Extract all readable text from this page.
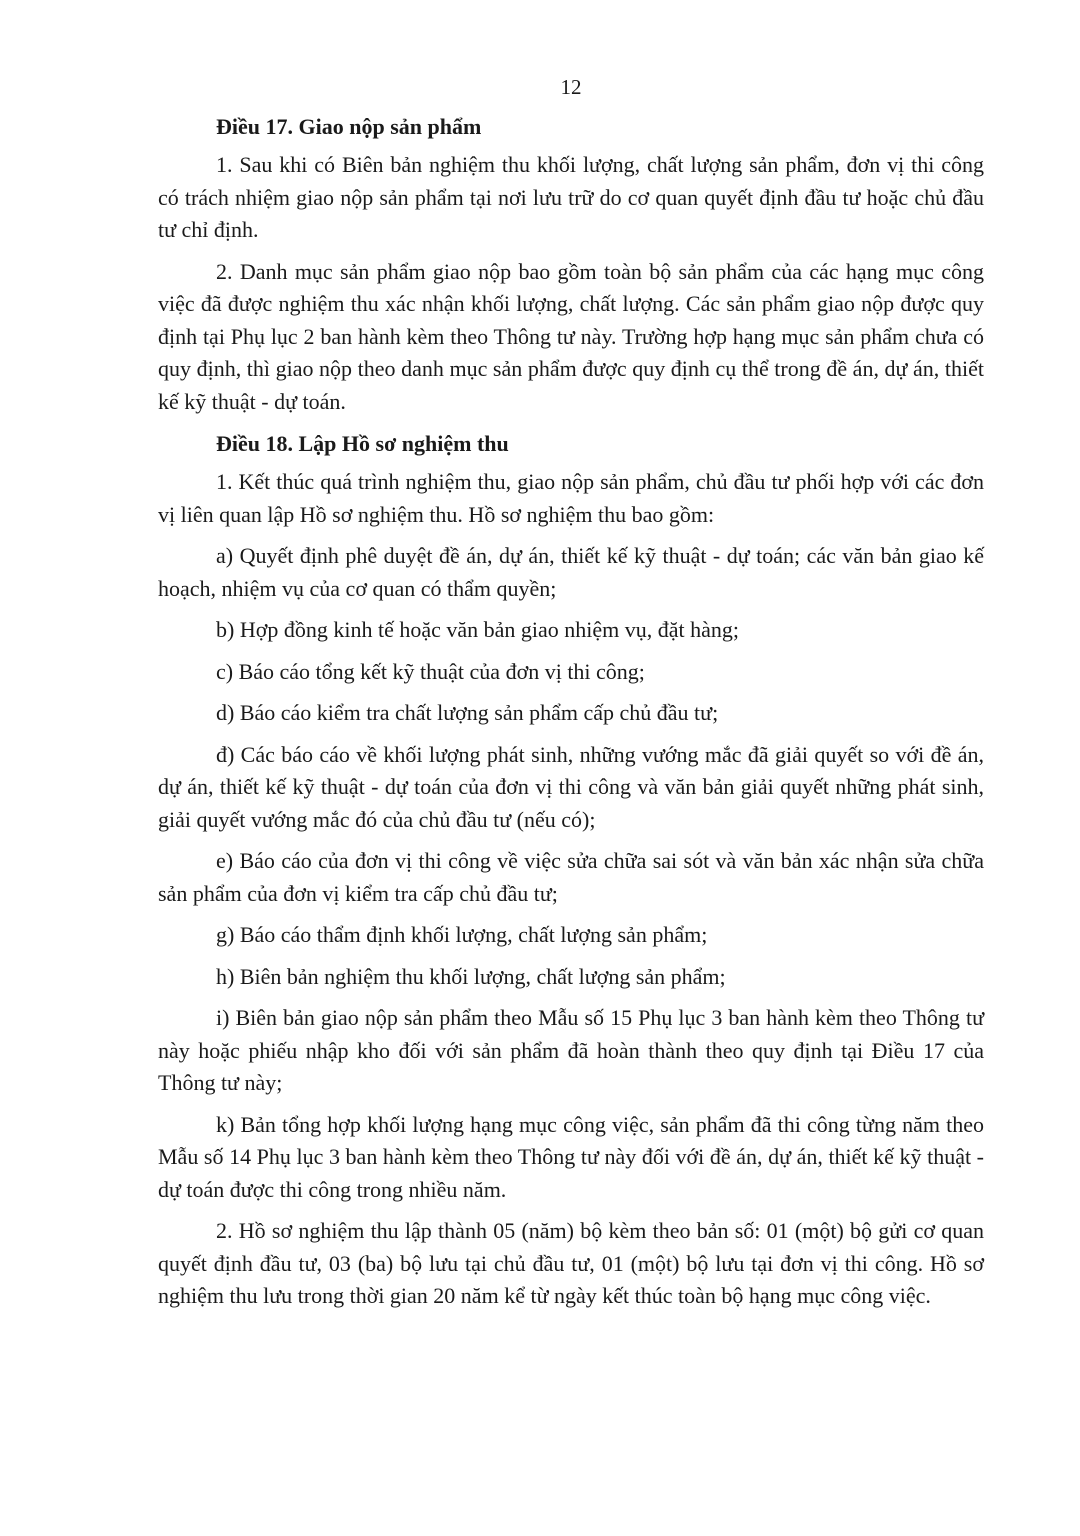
12
Điều 17. Giao nộp sản phẩm

1. Sau khi có Biên bản nghiệm thu khối lượng, chất lượng sản phẩm, đơn vị thi công có trách nhiệm giao nộp sản phẩm tại nơi lưu trữ do cơ quan quyết định đầu tư hoặc chủ đầu tư chỉ định.

2. Danh mục sản phẩm giao nộp bao gồm toàn bộ sản phẩm của các hạng mục công việc đã được nghiệm thu xác nhận khối lượng, chất lượng. Các sản phẩm giao nộp được quy định tại Phụ lục 2 ban hành kèm theo Thông tư này. Trường hợp hạng mục sản phẩm chưa có quy định, thì giao nộp theo danh mục sản phẩm được quy định cụ thể trong đề án, dự án, thiết kế kỹ thuật - dự toán.

Điều 18. Lập Hồ sơ nghiệm thu

1. Kết thúc quá trình nghiệm thu, giao nộp sản phẩm, chủ đầu tư phối hợp với các đơn vị liên quan lập Hồ sơ nghiệm thu. Hồ sơ nghiệm thu bao gồm:

a) Quyết định phê duyệt đề án, dự án, thiết kế kỹ thuật - dự toán; các văn bản giao kế hoạch, nhiệm vụ của cơ quan có thẩm quyền;

b) Hợp đồng kinh tế hoặc văn bản giao nhiệm vụ, đặt hàng;

c) Báo cáo tổng kết kỹ thuật của đơn vị thi công;

d) Báo cáo kiểm tra chất lượng sản phẩm cấp chủ đầu tư;

đ) Các báo cáo về khối lượng phát sinh, những vướng mắc đã giải quyết so với đề án, dự án, thiết kế kỹ thuật - dự toán của đơn vị thi công và văn bản giải quyết những phát sinh, giải quyết vướng mắc đó của chủ đầu tư (nếu có);

e) Báo cáo của đơn vị thi công về việc sửa chữa sai sót và văn bản xác nhận sửa chữa sản phẩm của đơn vị kiểm tra cấp chủ đầu tư;

g) Báo cáo thẩm định khối lượng, chất lượng sản phẩm;

h) Biên bản nghiệm thu khối lượng, chất lượng sản phẩm;

i) Biên bản giao nộp sản phẩm theo Mẫu số 15 Phụ lục 3 ban hành kèm theo Thông tư này hoặc phiếu nhập kho đối với sản phẩm đã hoàn thành theo quy định tại Điều 17 của Thông tư này;

k) Bản tổng hợp khối lượng hạng mục công việc, sản phẩm đã thi công từng năm theo Mẫu số 14 Phụ lục 3 ban hành kèm theo Thông tư này đối với đề án, dự án, thiết kế kỹ thuật - dự toán được thi công trong nhiều năm.

2. Hồ sơ nghiệm thu lập thành 05 (năm) bộ kèm theo bản số: 01 (một) bộ gửi cơ quan quyết định đầu tư, 03 (ba) bộ lưu tại chủ đầu tư, 01 (một) bộ lưu tại đơn vị thi công. Hồ sơ nghiệm thu lưu trong thời gian 20 năm kể từ ngày kết thúc toàn bộ hạng mục công việc.
